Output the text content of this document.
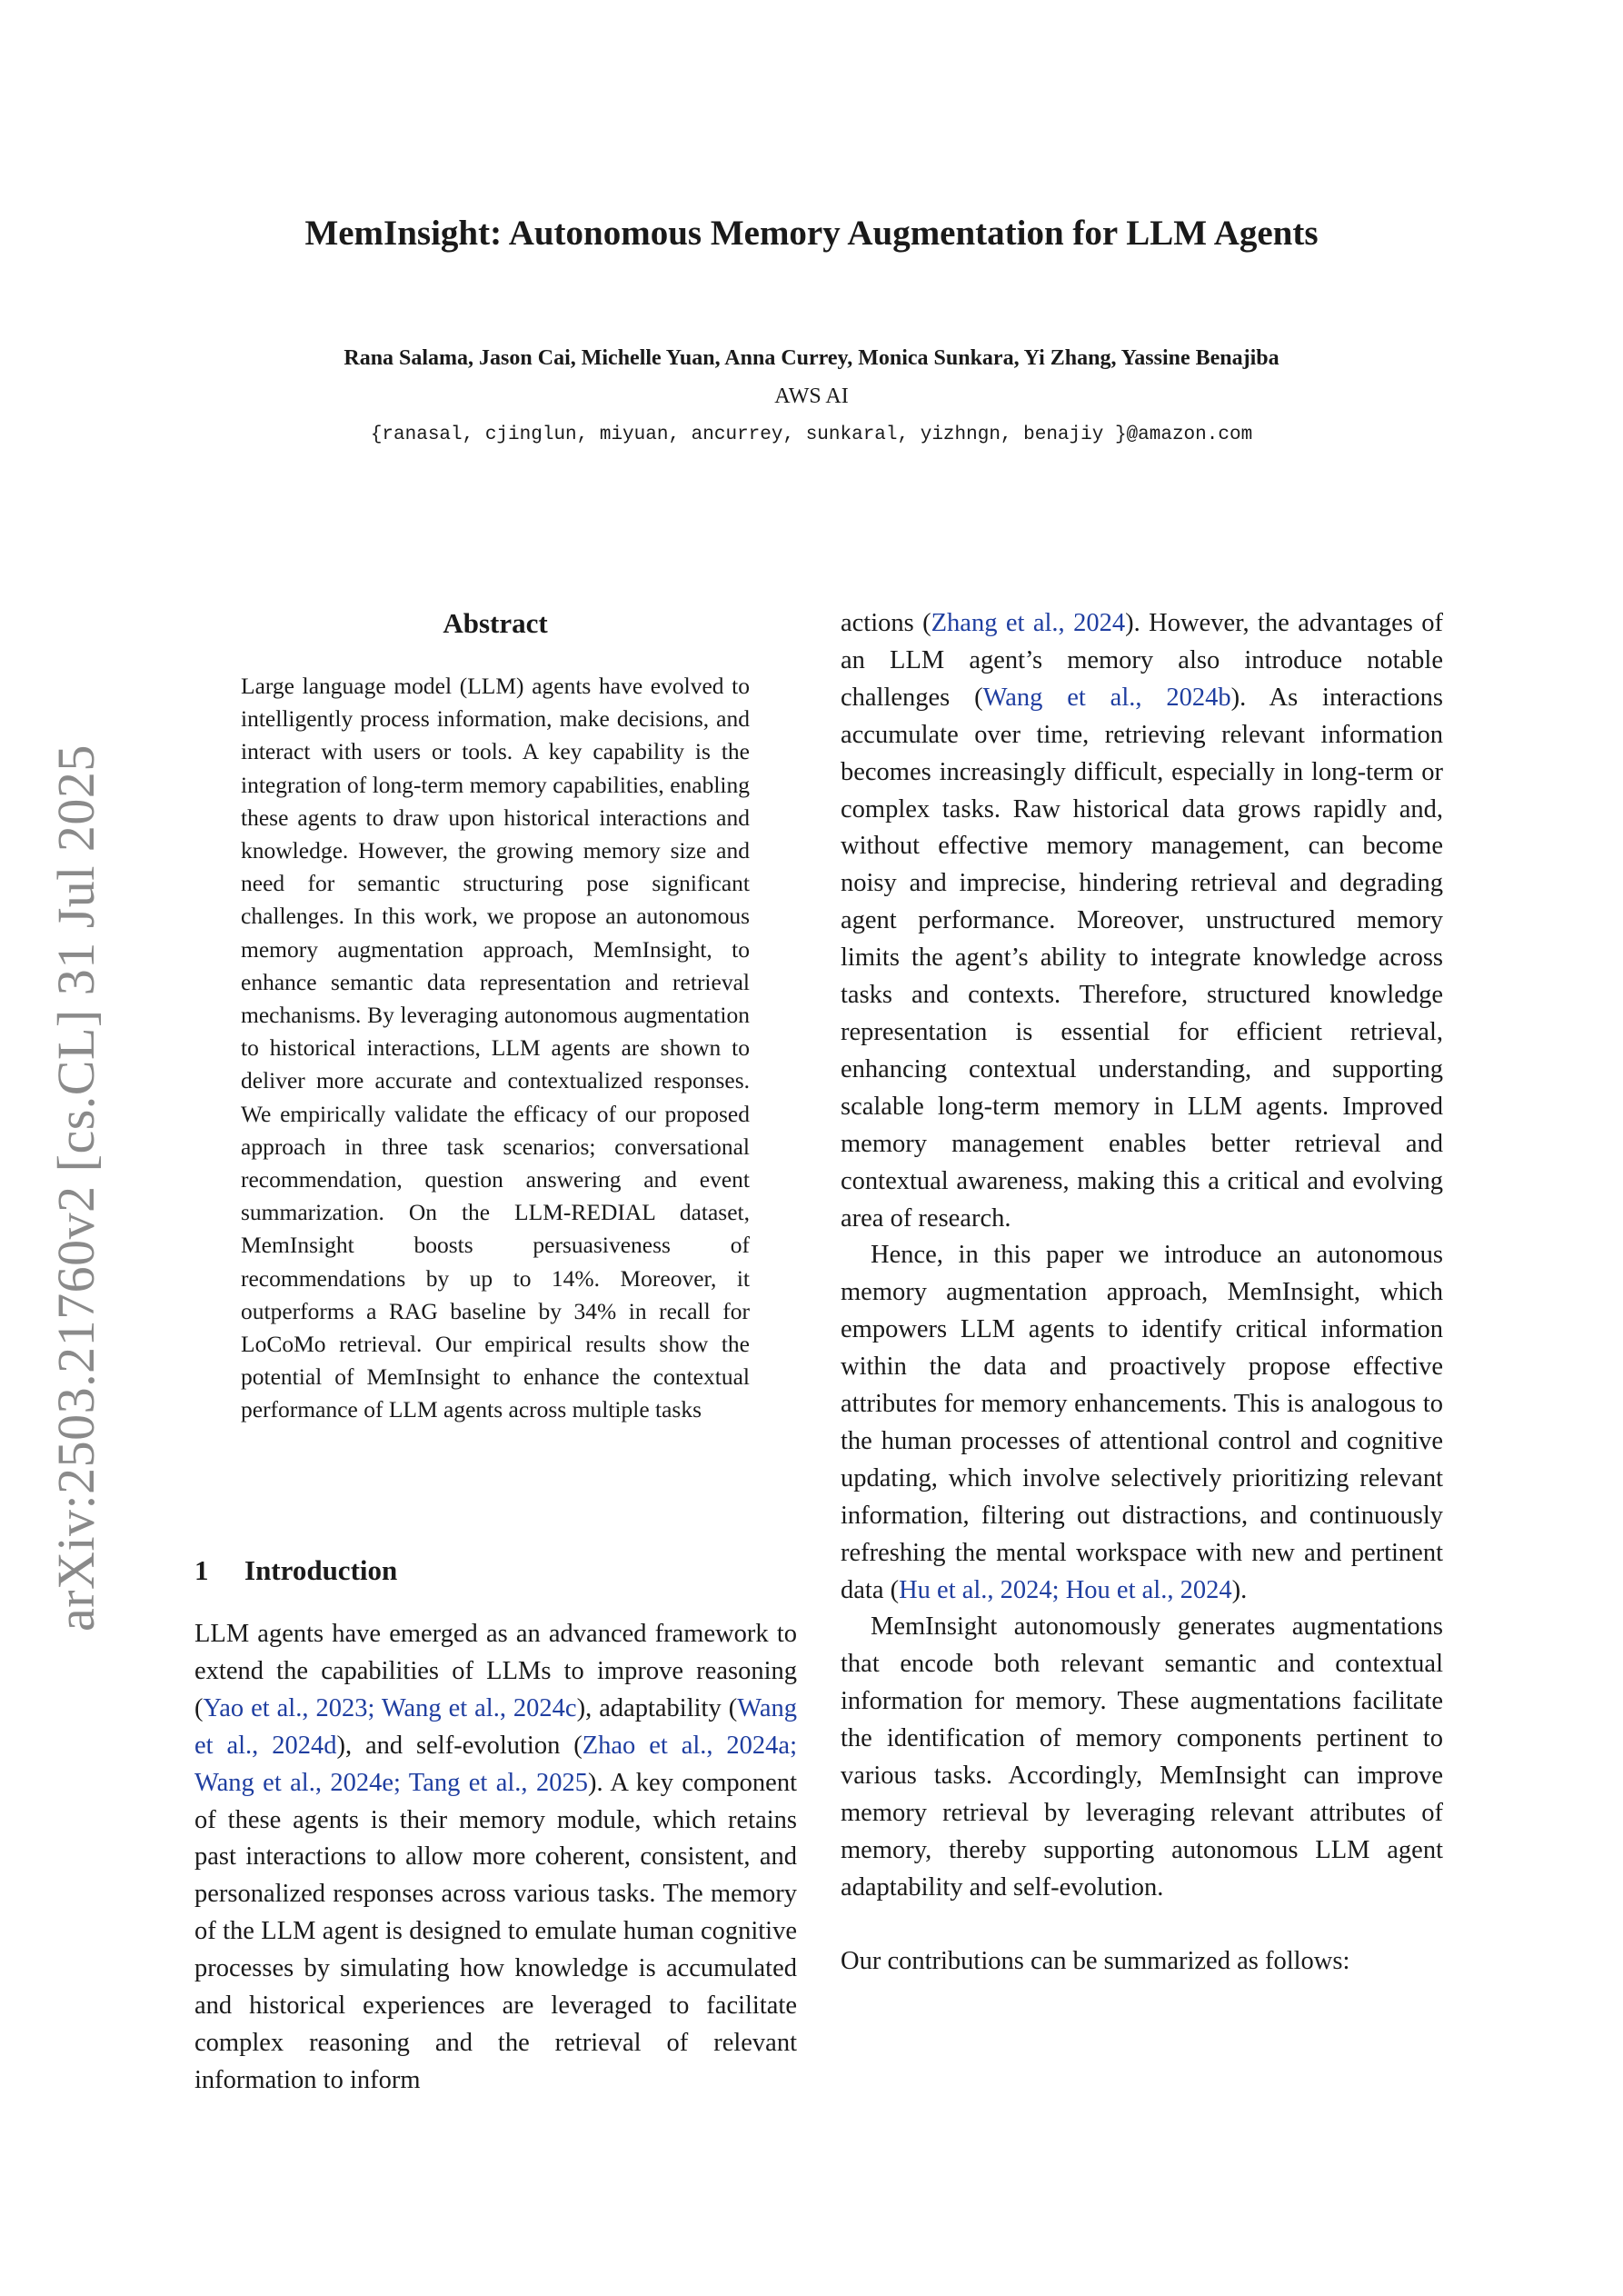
MemInsight: Autonomous Memory Augmentation for LLM Agents
Rana Salama, Jason Cai, Michelle Yuan, Anna Currey, Monica Sunkara, Yi Zhang, Yassine Benajiba
AWS AI
{ranasal, cjinglun, miyuan, ancurrey, sunkaral, yizhngn, benajiy }@amazon.com
arXiv:2503.21760v2 [cs.CL] 31 Jul 2025
Abstract
Large language model (LLM) agents have evolved to intelligently process information, make decisions, and interact with users or tools. A key capability is the integration of long-term memory capabilities, enabling these agents to draw upon historical interactions and knowledge. However, the growing memory size and need for semantic structuring pose significant challenges. In this work, we propose an autonomous memory augmentation approach, MemInsight, to enhance semantic data representation and retrieval mechanisms. By leveraging autonomous augmentation to historical interactions, LLM agents are shown to deliver more accurate and contextualized responses. We empirically validate the efficacy of our proposed approach in three task scenarios; conversational recommendation, question answering and event summarization. On the LLM-REDIAL dataset, MemInsight boosts persuasiveness of recommendations by up to 14%. Moreover, it outperforms a RAG baseline by 34% in recall for LoCoMo retrieval. Our empirical results show the potential of MemInsight to enhance the contextual performance of LLM agents across multiple tasks
1 Introduction

LLM agents have emerged as an advanced framework to extend the capabilities of LLMs to improve reasoning (Yao et al., 2023; Wang et al., 2024c), adaptability (Wang et al., 2024d), and self-evolution (Zhao et al., 2024a; Wang et al., 2024e; Tang et al., 2025). A key component of these agents is their memory module, which retains past interactions to allow more coherent, consistent, and personalized responses across various tasks. The memory of the LLM agent is designed to emulate human cognitive processes by simulating how knowledge is accumulated and historical experiences are leveraged to facilitate complex reasoning and the retrieval of relevant information to inform

actions (Zhang et al., 2024). However, the advantages of an LLM agent’s memory also introduce notable challenges (Wang et al., 2024b). As interactions accumulate over time, retrieving relevant information becomes increasingly difficult, especially in long-term or complex tasks. Raw historical data grows rapidly and, without effective memory management, can become noisy and imprecise, hindering retrieval and degrading agent performance. Moreover, unstructured memory limits the agent’s ability to integrate knowledge across tasks and contexts. Therefore, structured knowledge representation is essential for efficient retrieval, enhancing contextual understanding, and supporting scalable long-term memory in LLM agents. Improved memory management enables better retrieval and contextual awareness, making this a critical and evolving area of research.

Hence, in this paper we introduce an autonomous memory augmentation approach, MemInsight, which empowers LLM agents to identify critical information within the data and proactively propose effective attributes for memory enhancements. This is analogous to the human processes of attentional control and cognitive updating, which involve selectively prioritizing relevant information, filtering out distractions, and continuously refreshing the mental workspace with new and pertinent data (Hu et al., 2024; Hou et al., 2024).

MemInsight autonomously generates augmentations that encode both relevant semantic and contextual information for memory. These augmentations facilitate the identification of memory components pertinent to various tasks. Accordingly, MemInsight can improve memory retrieval by leveraging relevant attributes of memory, thereby supporting autonomous LLM agent adaptability and self-evolution.

Our contributions can be summarized as follows:
